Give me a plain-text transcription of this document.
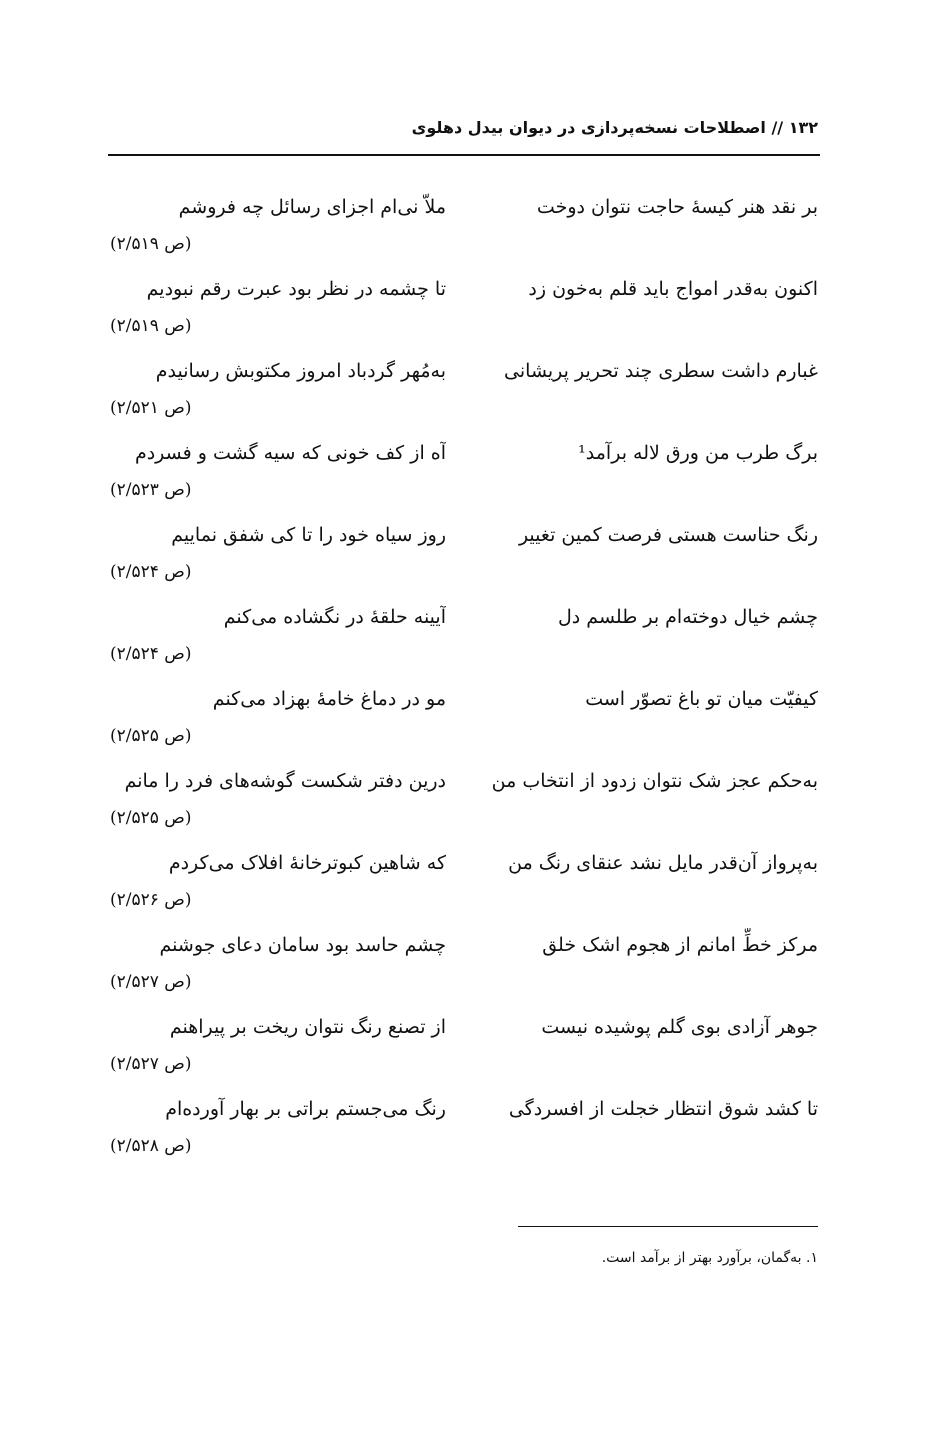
۱۳۲ // اصطلاحات نسخه‌پردازی در دیوان بیدل دهلوی
بر نقد هنر کیسهٔ حاجت نتوان دوخت
ملاّ نی‌ام اجزای رسائل چه فروشم
(ص ۲/۵۱۹)
اکنون به‌قدر امواج باید قلم به‌خون زد
تا چشمه در نظر بود عبرت رقم نبودیم
(ص ۲/۵۱۹)
غبارم داشت سطری چند تحریر پریشانی
به‌مُهر گردباد امروز مکتوبش رسانیدم
(ص ۲/۵۲۱)
برگ طرب من ورق لاله برآمد¹
آه از کف خونی که سیه گشت و فسردم
(ص ۲/۵۲۳)
رنگ حناست هستی فرصت کمین تغییر
روز سیاه خود را تا کی شفق نماییم
(ص ۲/۵۲۴)
چشم خیال دوخته‌ام بر طلسم دل
آیینه حلقهٔ در نگشاده می‌کنم
(ص ۲/۵۲۴)
کیفیّت میان تو باغ تصوّر است
مو در دماغ خامهٔ بهزاد می‌کنم
(ص ۲/۵۲۵)
به‌حکم عجز شک نتوان زدود از انتخاب من
درین دفتر شکست گوشه‌های فرد را مانم
(ص ۲/۵۲۵)
به‌پرواز آن‌قدر مایل نشد عنقای رنگ من
که شاهین کبوترخانهٔ افلاک می‌کردم
(ص ۲/۵۲۶)
مرکز خطِّ امانم از هجوم اشک خلق
چشم حاسد بود سامان دعای جوشنم
(ص ۲/۵۲۷)
جوهر آزادی بوی گلم پوشیده نیست
از تصنع رنگ نتوان ریخت بر پیراهنم
(ص ۲/۵۲۷)
تا کشد شوق انتظار خجلت از افسردگی
رنگ می‌جستم براتی بر بهار آورده‌ام
(ص ۲/۵۲۸)
۱. به‌گمان، برآورد بهتر از برآمد است.
